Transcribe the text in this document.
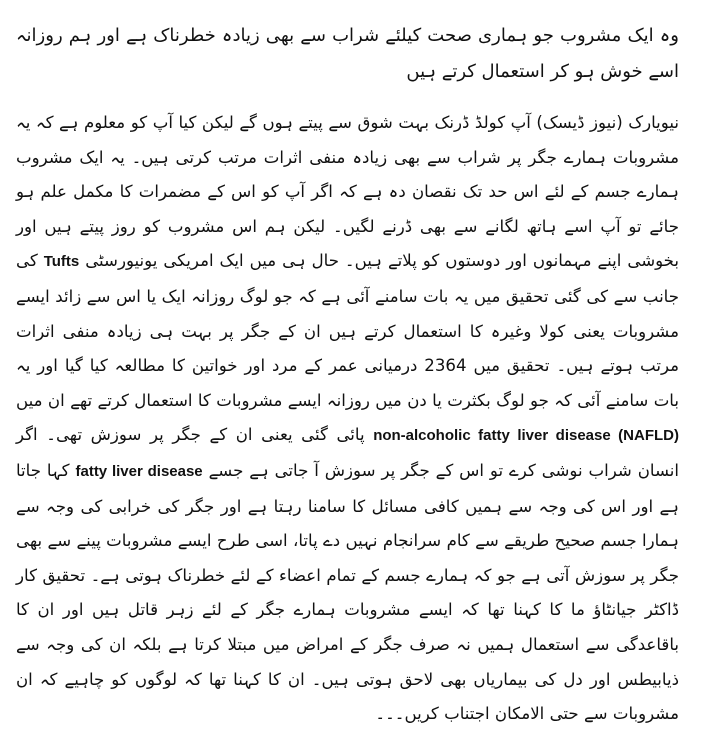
وہ ایک مشروب جو ہماری صحت کیلئے شراب سے بھی زیادہ خطرناک ہے اور ہم روزانہ اسے خوش ہو کر استعمال کرتے ہیں

نیویارک (نیوز ڈیسک) آپ کولڈ ڈرنک بہت شوق سے پیتے ہوں گے لیکن کیا آپ کو معلوم ہے کہ یہ مشروبات ہمارے جگر پر شراب سے بھی زیادہ منفی اثرات مرتب کرتی ہیں۔ یہ ایک مشروب ہمارے جسم کے لئے اس حد تک نقصان دہ ہے کہ اگر آپ کو اس کے مضمرات کا مکمل علم ہو جائے تو آپ اسے ہاتھ لگانے سے بھی ڈرنے لگیں۔ لیکن ہم اس مشروب کو روز پیتے ہیں اور بخوشی اپنے مہمانوں اور دوستوں کو پلاتے ہیں۔ حال ہی میں ایک امریکی یونیورسٹی Tufts کی جانب سے کی گئی تحقیق میں یہ بات سامنے آئی ہے کہ جو لوگ روزانہ ایک یا اس سے زائد ایسے مشروبات یعنی کولا وغیرہ کا استعمال کرتے ہیں ان کے جگر پر بہت ہی زیادہ منفی اثرات مرتب ہوتے ہیں۔ تحقیق میں 2364 درمیانی عمر کے مرد اور خواتین کا مطالعہ کیا گیا اور یہ بات سامنے آئی کہ جو لوگ بکثرت یا دن میں روزانہ ایسے مشروبات کا استعمال کرتے تھے ان میں non-alcoholic fatty liver disease (NAFLD) پائی گئی یعنی ان کے جگر پر سوزش تھی۔ اگر انسان شراب نوشی کرے تو اس کے جگر پر سوزش آ جاتی ہے جسے fatty liver disease کہا جاتا ہے اور اس کی وجہ سے ہمیں کافی مسائل کا سامنا رہتا ہے اور جگر کی خرابی کی وجہ سے ہمارا جسم صحیح طریقے سے کام سرانجام نہیں دے پاتا، اسی طرح ایسے مشروبات پینے سے بھی جگر پر سوزش آتی ہے جو کہ ہمارے جسم کے تمام اعضاء کے لئے خطرناک ہوتی ہے۔ تحقیق کار ڈاکٹر جیانٹاؤ ما کا کہنا تھا کہ ایسے مشروبات ہمارے جگر کے لئے زہر قاتل ہیں اور ان کا باقاعدگی سے استعمال ہمیں نہ صرف جگر کے امراض میں مبتلا کرتا ہے بلکہ ان کی وجہ سے ذیابیطس اور دل کی بیماریاں بھی لاحق ہوتی ہیں۔ ان کا کہنا تھا کہ لوگوں کو چاہیے کہ ان مشروبات سے حتی الامکان اجتناب کریں۔۔۔
